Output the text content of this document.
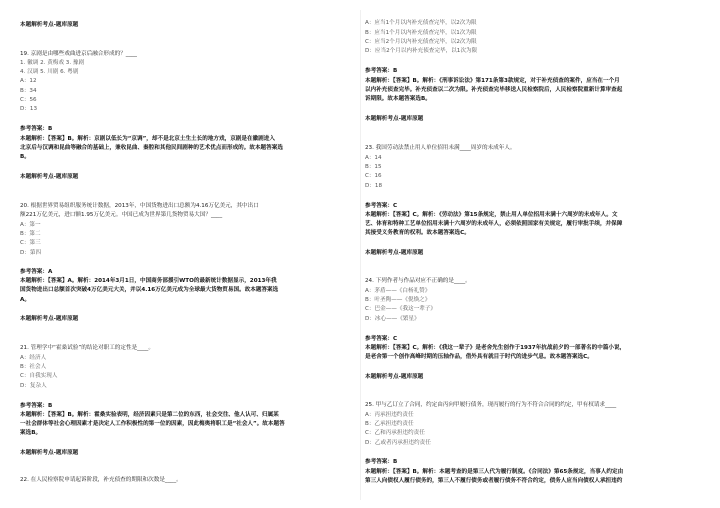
本题解析考点-题库原题
19. 京剧是由哪些戏曲进京后融合形成的？____
1. 徽调 2. 黄梅戏 3. 豫剧
4. 汉调 5. 川剧 6. 粤剧
A：12
B：34
C：56
D：13
参考答案：B
本题解析：【答案】B。解析：京剧以低长为“京调”，却不是北京土生土长的地方戏，京剧是在徽剧进入
北京后与汉调和昆曲等融合的基础上，兼收昆曲、秦腔和其他民间剧种的艺术优点而形成的。故本题答案选
B。
本题解析考点-题库原题
20. 根据世界贸易组织服务统计数据，2013年，中国货物进出口总额为4.16万亿美元，其中出口
额221万亿美元，进口额1.95万亿美元。中国已成为世界第几货物贸易大国？____
A：第一
B：第二
C：第三
D：第四
参考答案：A
本题解析：【答案】A。解析：2014年3月1日，中国商务部援引WTO的最新统计数据显示，2013年我
国货物进出口总额首次突破4万亿美元大关，并以4.16万亿美元成为全球最大货物贸易国。故本题答案选
A。
本题解析考点-题库原题
21. 管理学中“霍桑试验”的结论对职工的定性是____。
A：经济人
B：社会人
C：自我实现人
D：复杂人
参考答案：B
本题解析：【答案】B。解析：霍桑实验表明，经济因素只是第二位的东西，社会交往、他人认可、归属某
一社会群体等社会心理因素才是决定人工作积极性的第一位的因素，因此梅奥将职工是“社会人”。故本题答
案选B。
本题解析考点-题库原题
22. 在人民检察院申请起诉阶段，补充侦查的期限和次数是____。
A：应当1个月以内补充侦查完毕，以2次为限
B：应当1个月以内补充侦查完毕，以1次为限
C：应当2个月以内补充侦查完毕，以2次为限
D：应当2个月以内补充侦查完毕，以1次为限
参考答案：B
本题解析：【答案】B。解析：《刑事诉讼法》第171条第3款规定，对于补充侦查的案件，应当在一个月
以内补充侦查完毕。补充侦查以二次为限。补充侦查完毕移送人民检察院后，人民检察院重新计算审查起
诉期限。故本题答案选B。
本题解析考点-题库原题
23. 我国劳动法禁止用人单位招用未满____周岁的未成年人。
A：14
B：15
C：16
D：18
参考答案：C
本题解析：【答案】C。解析：《劳动法》第15条规定，禁止用人单位招用未满十六周岁的未成年人。文
艺、体育和特种工艺单位招用未满十六周岁的未成年人，必须依照国家有关规定，履行审批手续，并保障
其接受义务教育的权利。故本题答案选C。
本题解析考点-题库原题
24. 下列作者与作品对应不正确的是____。
A：茅盾——《白杨礼赞》
B：叶圣陶——《倪焕之》
C：巴金——《我这一辈子》
D：冰心——《繁星》
参考答案：C
本题解析：【答案】C。解析：《我这一辈子》是老舍先生创作于1937年抗战前夕的一部著名的中篇小说，
是老舍第一个创作高峰时期的压轴作品，借外具有就目于时代的进步气息。故本题答案选C。
本题解析考点-题库原题
25. 甲与乙订立了合同，约定由丙向甲履行债务，现丙履行的行为不符合合同的约定，甲有权请求____
A：丙承担违约责任
B：乙承担违约责任
C：乙和丙承担违约责任
D：乙或者丙承担违约责任
参考答案：B
本题解析：【答案】B。解析：本题考查的是第三人代为履行制度。《合同法》第65条规定，当事人约定由
第三人向债权人履行债务的，第三人不履行债务或者履行债务不符合约定，债务人应当向债权人承担违约
